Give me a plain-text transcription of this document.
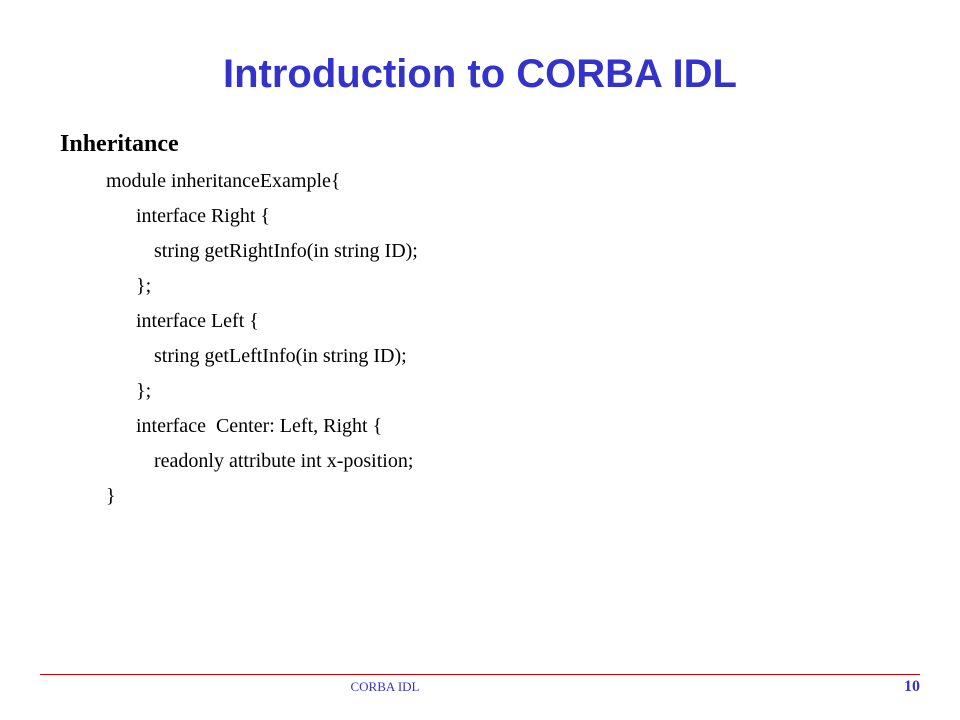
Introduction to CORBA IDL
Inheritance
module inheritanceExample{
interface Right {
string getRightInfo(in string ID);
};
interface Left {
string getLeftInfo(in string ID);
};
interface  Center: Left, Right {
readonly attribute int x-position;
}
CORBA IDL	10
